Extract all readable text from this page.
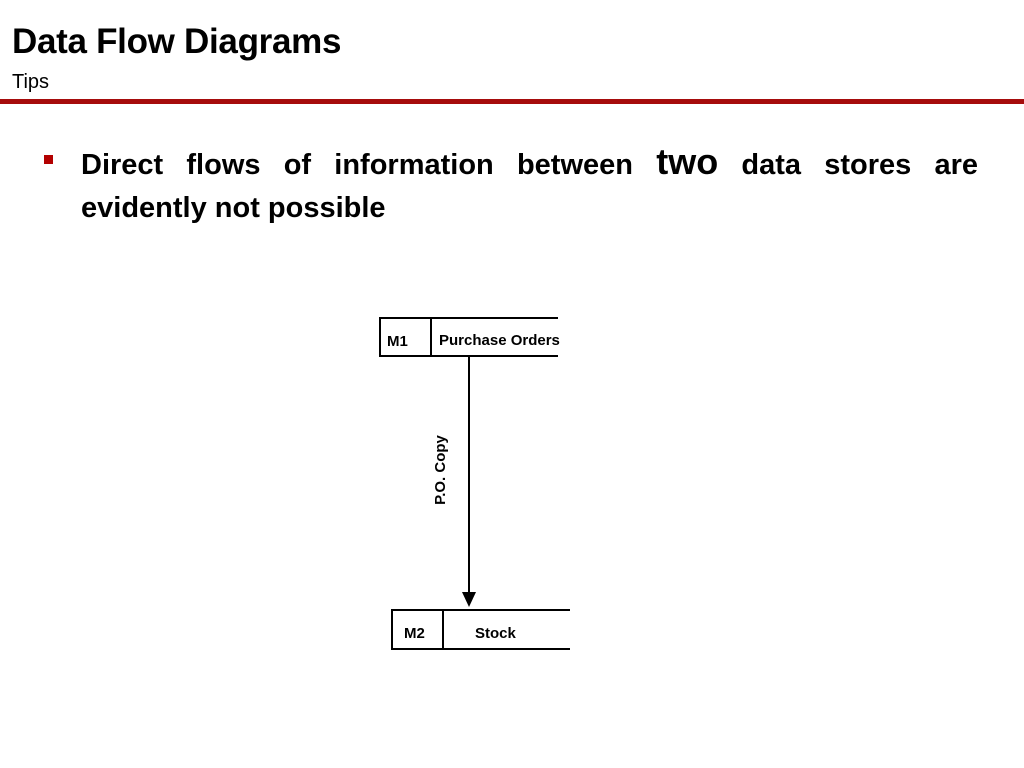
Data Flow Diagrams
Tips
Direct flows of information between two data stores are evidently not possible
M1 Purchase Orders
P.O. Copy
M2	Stock
